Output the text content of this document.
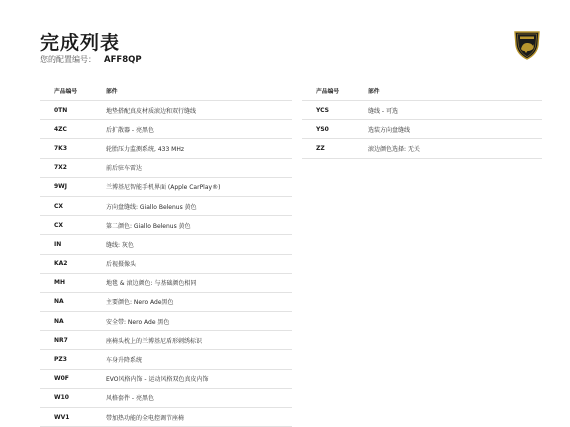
完成列表
您的配置编号： AFF8QP
产品编号	部件
0TN	地垫搭配真皮材质滚边和双行缝线
4ZC	后扩散器 - 亮黑色
7K3	轮胎压力监测系统, 433 MHz
7X2	前后驻车雷达
9WJ	兰博基尼智能手机界面 (Apple CarPlay®)
CX	方向盘缝线: Giallo Belenus 黄色
CX	第二颜色: Giallo Belenus 黄色
IN	缝线: 灰色
KA2	后视摄像头
MH	地毯 & 滚边颜色: 与基础颜色相同
NA	主要颜色: Nero Ade黑色
NA	安全带: Nero Ade 黑色
NR7	座椅头枕上的兰博基尼盾形刺绣标识
PZ3	车身升降系统
W0F	EVO风格内饰 - 运动风格双色真皮内饰
W10	风格套件 - 亮黑色
WV1	带加热功能的全电控调节座椅
产品编号	部件
YCS	缝线 - 可选
YS0	选装方向盘缝线
ZZ	滚边颜色选择: 无关
